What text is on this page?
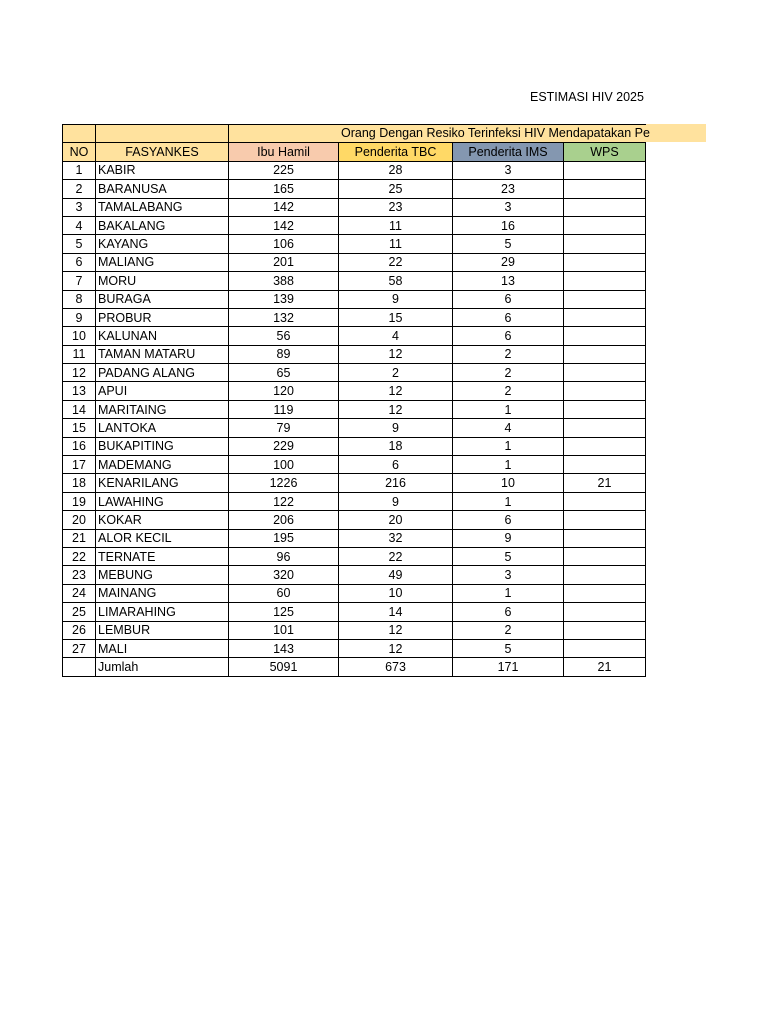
ESTIMASI HIV 2025
Orang Dengan Resiko Terinfeksi HIV Mendapatakan Pe

NO	FASYANKES	Ibu Hamil	Penderita TBC	Penderita IMS	WPS
1	KABIR	225	28	3	
2	BARANUSA	165	25	23	
3	TAMALABANG	142	23	3	
4	BAKALANG	142	11	16	
5	KAYANG	106	11	5	
6	MALIANG	201	22	29	
7	MORU	388	58	13	
8	BURAGA	139	9	6	
9	PROBUR	132	15	6	
10	KALUNAN	56	4	6	
11	TAMAN MATARU	89	12	2	
12	PADANG ALANG	65	2	2	
13	APUI	120	12	2	
14	MARITAING	119	12	1	
15	LANTOKA	79	9	4	
16	BUKAPITING	229	18	1	
17	MADEMANG	100	6	1	
18	KENARILANG	1226	216	10	21
19	LAWAHING	122	9	1	
20	KOKAR	206	20	6	
21	ALOR KECIL	195	32	9	
22	TERNATE	96	22	5	
23	MEBUNG	320	49	3	
24	MAINANG	60	10	1	
25	LIMARAHING	125	14	6	
26	LEMBUR	101	12	2	
27	MALI	143	12	5	
	Jumlah	5091	673	171	21
